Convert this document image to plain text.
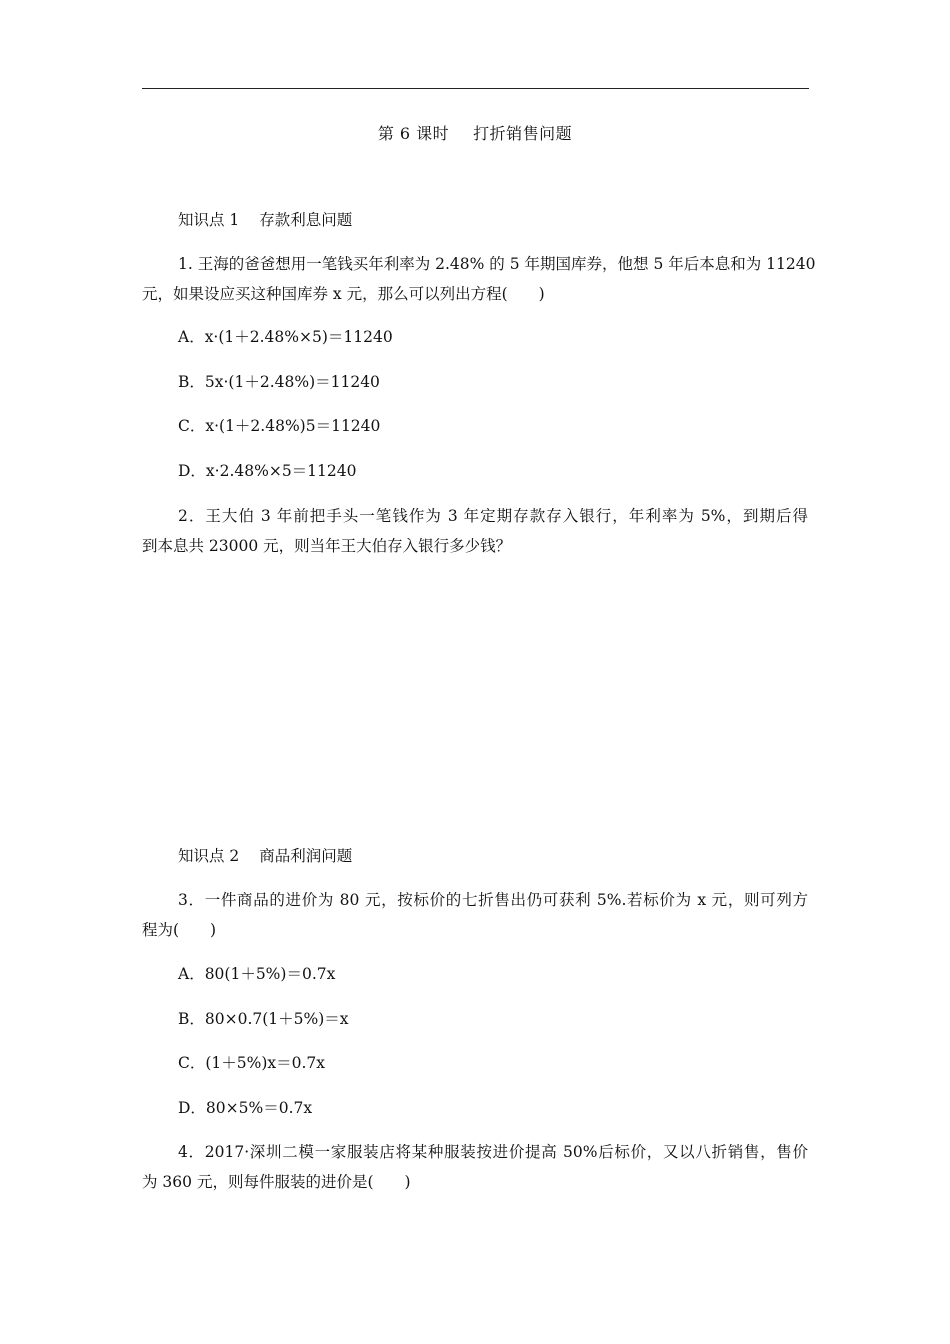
第 6 课时 打折销售问题
知识点 1 存款利息问题
1. 王海的爸爸想用一笔钱买年利率为 2.48% 的 5 年期国库券，他想 5 年后本息和为 11240
元，如果设应买这种国库券 x 元，那么可以列出方程(　　)
A．x·(1＋2.48%×5)＝11240
B．5x·(1＋2.48%)＝11240
C．x·(1＋2.48%)5＝11240
D．x·2.48%×5＝11240
2．王大伯 3 年前把手头一笔钱作为 3 年定期存款存入银行，年利率为 5%，到期后得
到本息共 23000 元，则当年王大伯存入银行多少钱？
知识点 2 商品利润问题
3．一件商品的进价为 80 元，按标价的七折售出仍可获利 5%.若标价为 x 元，则可列方
程为(　　)
A．80(1＋5%)＝0.7x
B．80×0.7(1＋5%)＝x
C．(1＋5%)x＝0.7x
D．80×5%＝0.7x
4．2017·深圳二模一家服装店将某种服装按进价提高 50%后标价，又以八折销售，售价
为 360 元，则每件服装的进价是(　　)
